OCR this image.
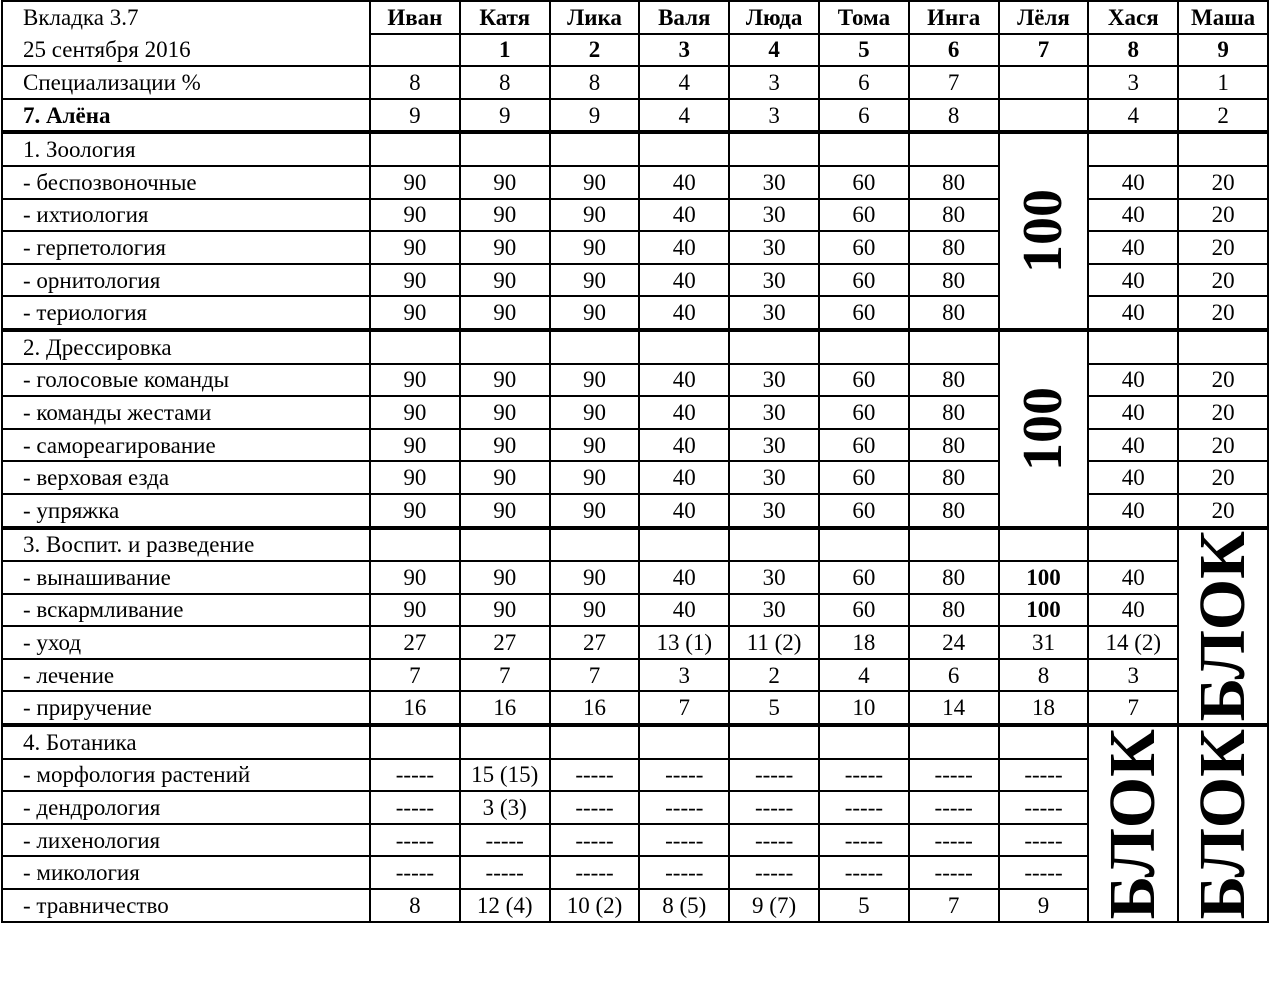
Вкладка 3.7	Иван	Катя	Лика	Валя	Люда	Тома	Инга	Лёля	Хася	Маша
25 сентября 2016		1	2	3	4	5	6	7	8	9
Специализации %	8	8	8	4	3	6	7		3	1
7. Алёна	9	9	9	4	3	6	8		4	2
1. Зоология								100		

- беспозвоночные	90	90	90	40	30	60	80		40	20
- ихтиология	90	90	90	40	30	60	80		40	20
- герпетология	90	90	90	40	30	60	80		40	20
- орнитология	90	90	90	40	30	60	80		40	20
- териология	90	90	90	40	30	60	80		40	20
2. Дрессировка								100		

- голосовые команды	90	90	90	40	30	60	80		40	20
- команды жестами	90	90	90	40	30	60	80		40	20
- самореагирование	90	90	90	40	30	60	80		40	20
- верховая езда	90	90	90	40	30	60	80		40	20
- упряжка	90	90	90	40	30	60	80		40	20
3. Воспит. и разведение										БЛОК

- вынашивание	90	90	90	40	30	60	80	100	40	
- вскармливание	90	90	90	40	30	60	80	100	40	
- уход	27	27	27	13 (1)	11 (2)	18	24	31	14 (2)	
- лечение	7	7	7	3	2	4	6	8	3	
- приручение	16	16	16	7	5	10	14	18	7	
4. Ботаника									БЛОК	БЛОК

- морфология растений	-----	15 (15)	-----	-----	-----	-----	-----	-----		
- дендрология	-----	3 (3)	-----	-----	-----	-----	-----	-----		
- лихенология	-----	-----	-----	-----	-----	-----	-----	-----		
- микология	-----	-----	-----	-----	-----	-----	-----	-----		
- травничество	8	12 (4)	10 (2)	8 (5)	9 (7)	5	7	9		
